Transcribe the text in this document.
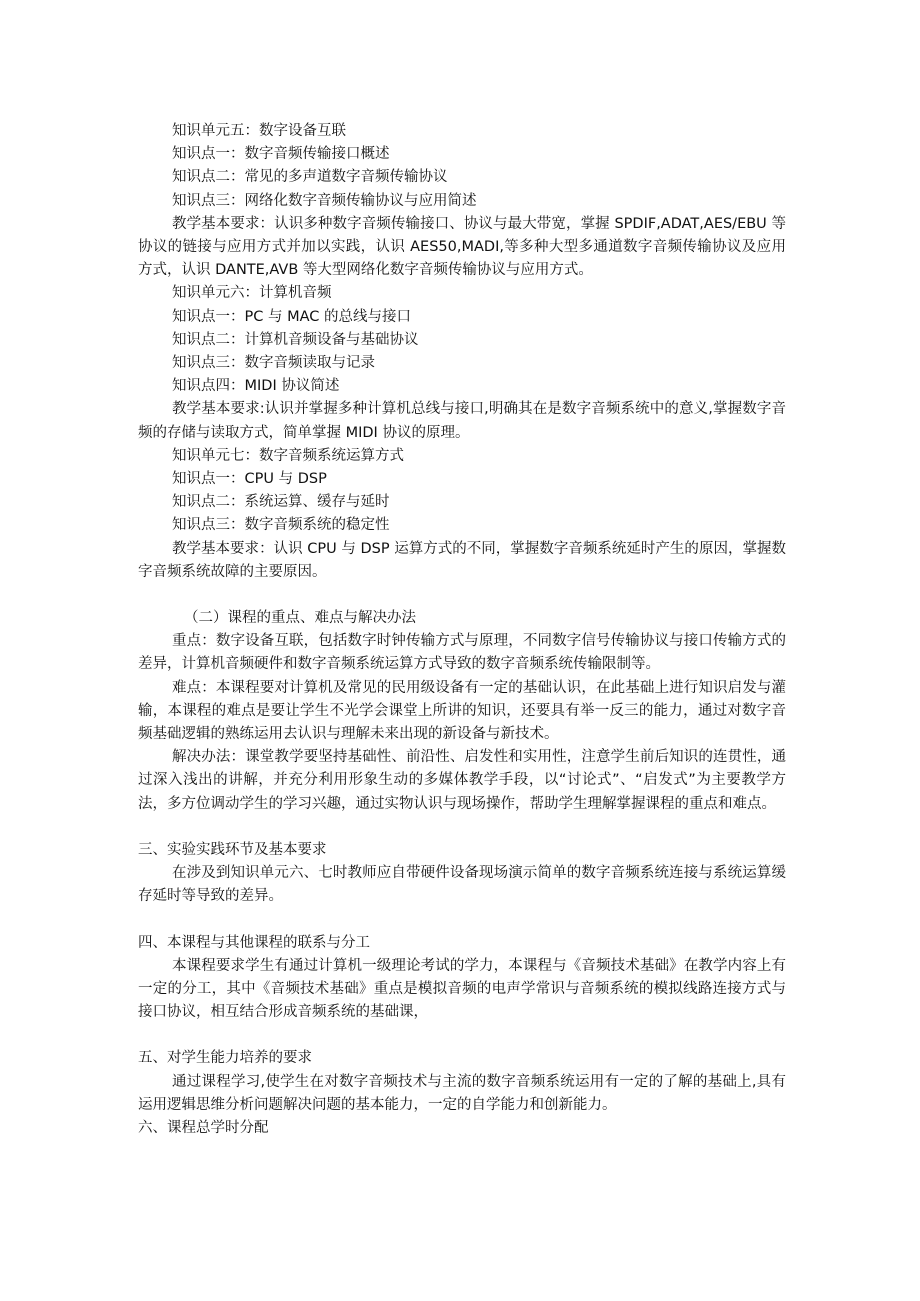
知识单元五：数字设备互联

知识点一：数字音频传输接口概述

知识点二：常见的多声道数字音频传输协议

知识点三：网络化数字音频传输协议与应用简述

教学基本要求：认识多种数字音频传输接口、协议与最大带宽，掌握 SPDIF,ADAT,AES/EBU 等协议的链接与应用方式并加以实践，认识 AES50,MADI,等多种大型多通道数字音频传输协议及应用方式，认识 DANTE,AVB 等大型网络化数字音频传输协议与应用方式。

知识单元六：计算机音频

知识点一：PC 与 MAC 的总线与接口

知识点二：计算机音频设备与基础协议

知识点三：数字音频读取与记录

知识点四：MIDI 协议简述

教学基本要求:认识并掌握多种计算机总线与接口,明确其在是数字音频系统中的意义,掌握数字音频的存储与读取方式，简单掌握 MIDI 协议的原理。

知识单元七：数字音频系统运算方式

知识点一：CPU 与 DSP

知识点二：系统运算、缓存与延时

知识点三：数字音频系统的稳定性

教学基本要求：认识 CPU 与 DSP 运算方式的不同，掌握数字音频系统延时产生的原因，掌握数字音频系统故障的主要原因。

（二）课程的重点、难点与解决办法

重点：数字设备互联，包括数字时钟传输方式与原理，不同数字信号传输协议与接口传输方式的差异，计算机音频硬件和数字音频系统运算方式导致的数字音频系统传输限制等。

难点：本课程要对计算机及常见的民用级设备有一定的基础认识，在此基础上进行知识启发与灌输，本课程的难点是要让学生不光学会课堂上所讲的知识，还要具有举一反三的能力，通过对数字音频基础逻辑的熟练运用去认识与理解未来出现的新设备与新技术。

解决办法：课堂教学要坚持基础性、前沿性、启发性和实用性，注意学生前后知识的连贯性，通过深入浅出的讲解，并充分利用形象生动的多媒体教学手段，以“讨论式”、“启发式”为主要教学方法，多方位调动学生的学习兴趣，通过实物认识与现场操作，帮助学生理解掌握课程的重点和难点。

三、实验实践环节及基本要求

在涉及到知识单元六、七时教师应自带硬件设备现场演示简单的数字音频系统连接与系统运算缓存延时等导致的差异。

四、本课程与其他课程的联系与分工

本课程要求学生有通过计算机一级理论考试的学力，本课程与《音频技术基础》在教学内容上有一定的分工，其中《音频技术基础》重点是模拟音频的电声学常识与音频系统的模拟线路连接方式与接口协议，相互结合形成音频系统的基础课，

五、对学生能力培养的要求

通过课程学习,使学生在对数字音频技术与主流的数字音频系统运用有一定的了解的基础上,具有运用逻辑思维分析问题解决问题的基本能力，一定的自学能力和创新能力。

六、课程总学时分配
